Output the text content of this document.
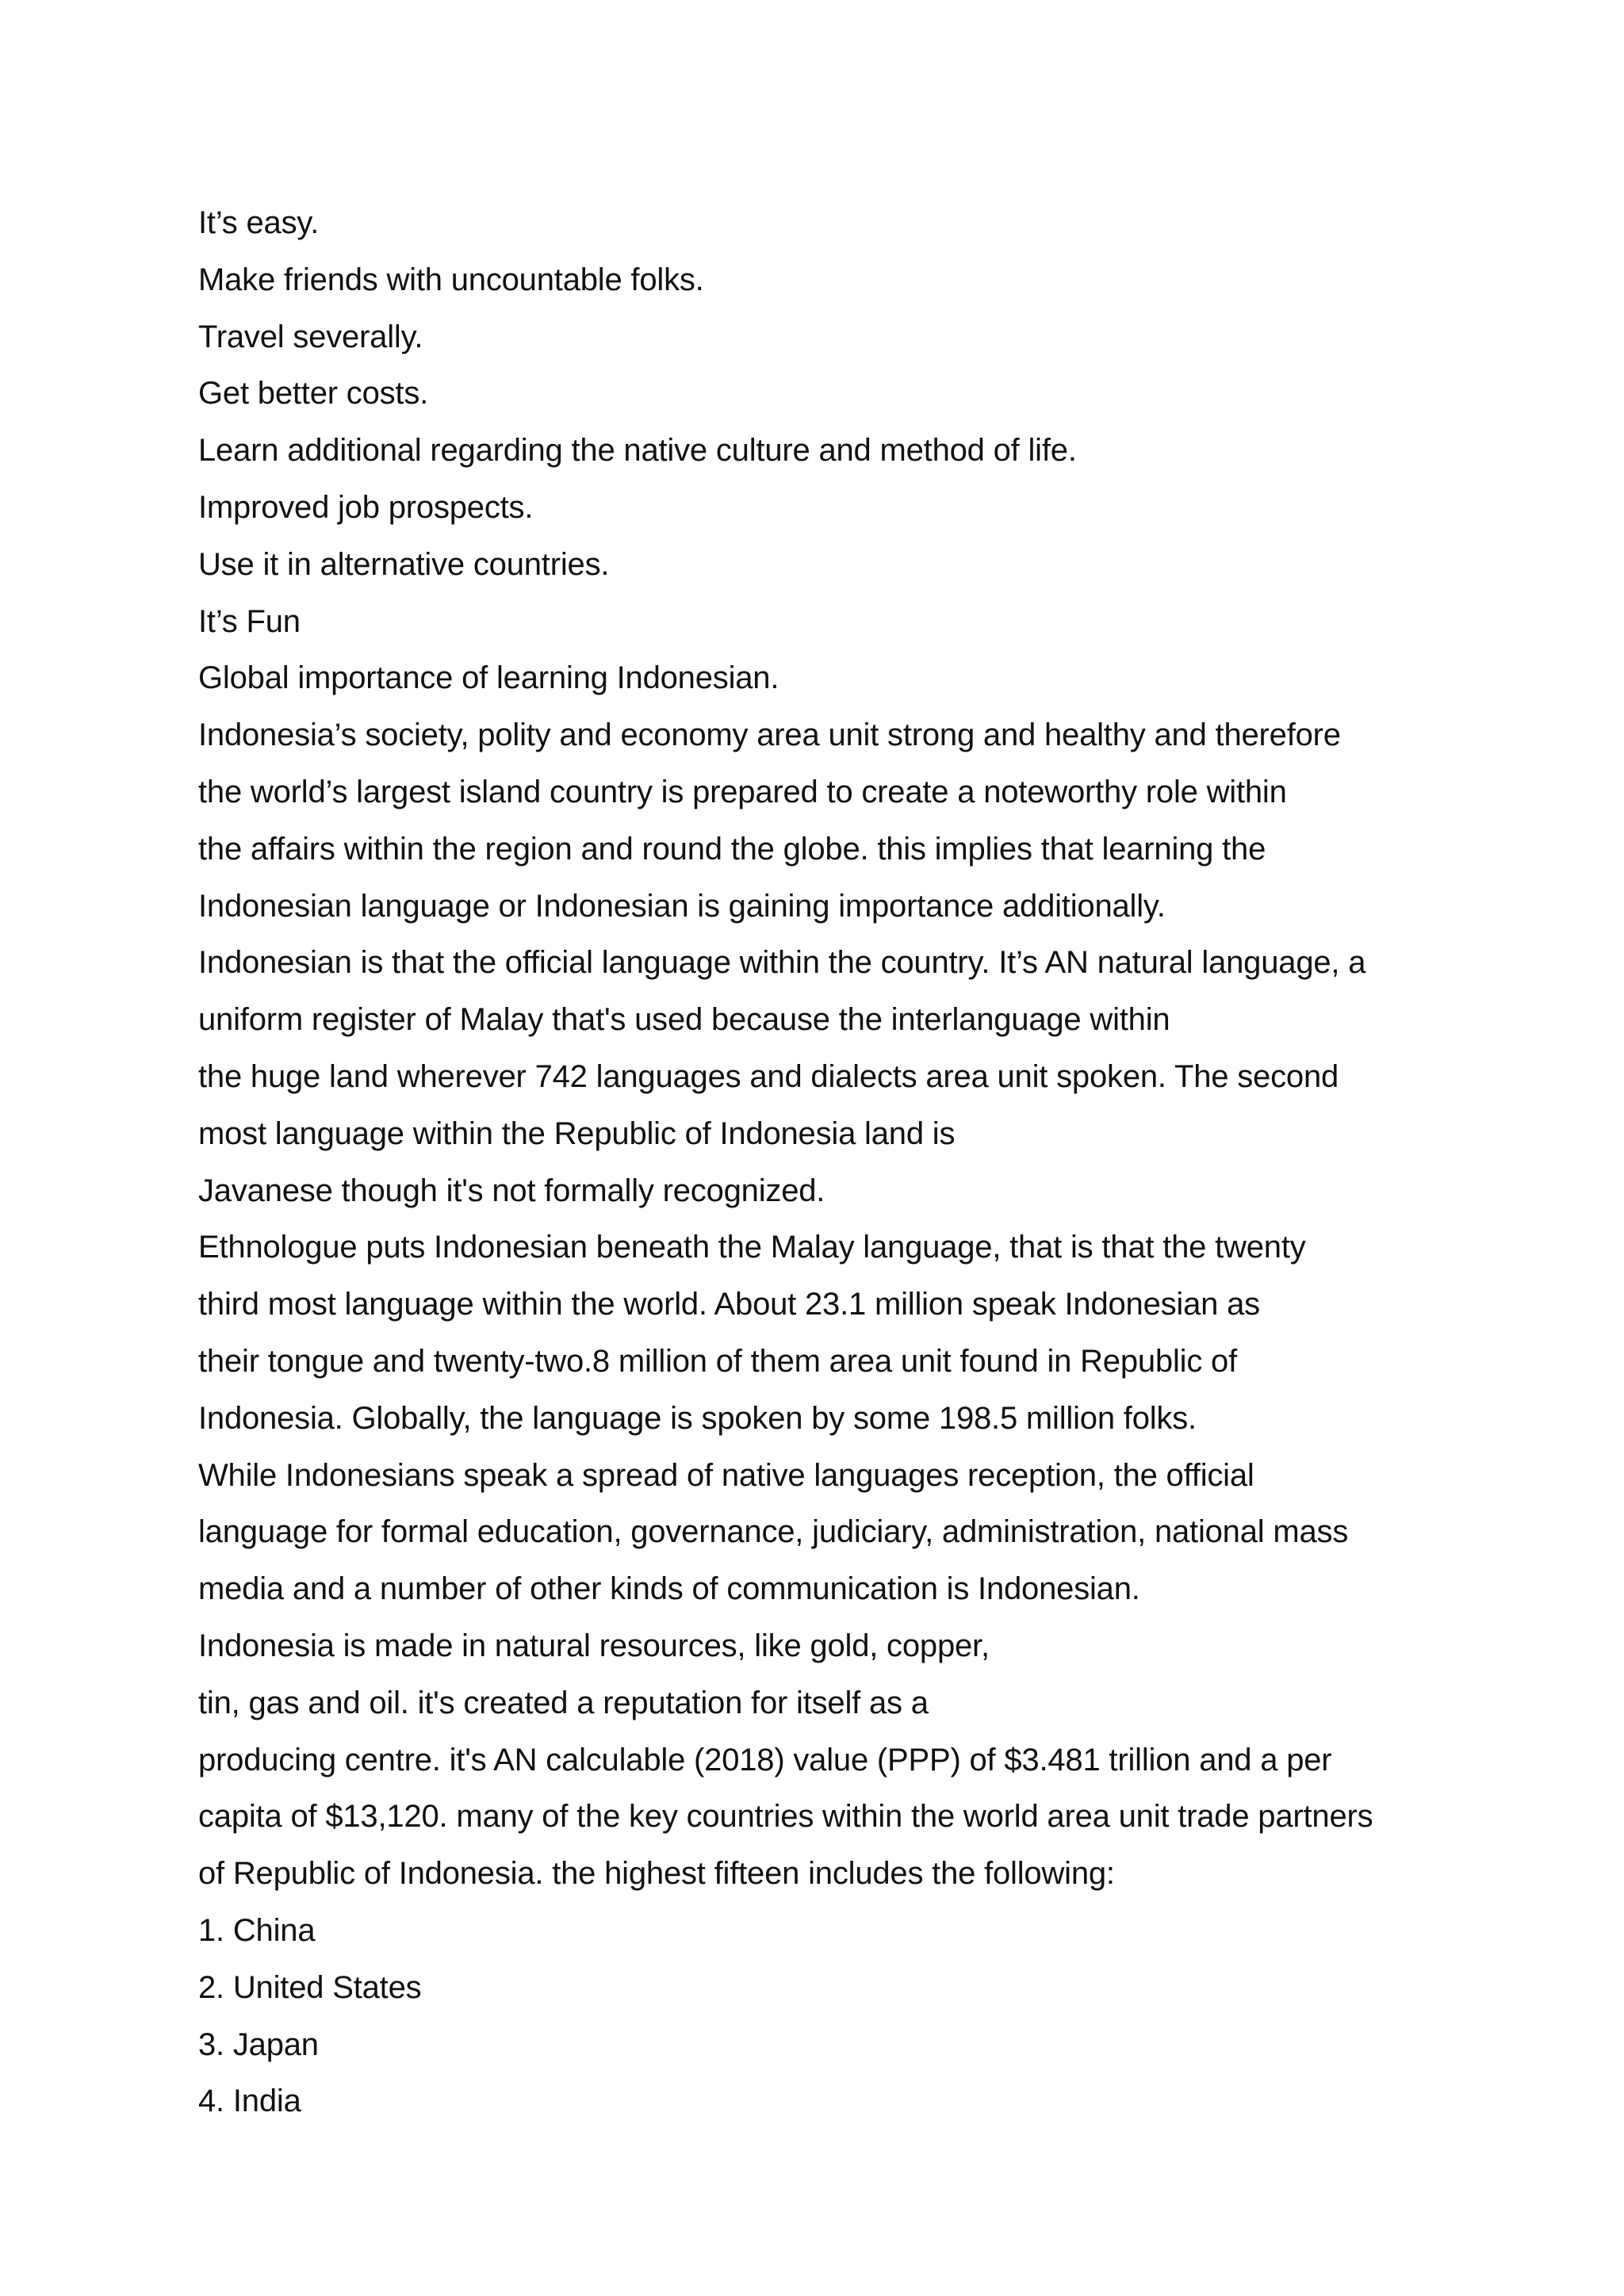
It’s easy.
Make friends with uncountable folks.
Travel severally.
Get better costs.
Learn additional regarding the native culture and method of life.
Improved job prospects.
Use it in alternative countries.
It’s Fun
Global importance of learning Indonesian.
Indonesia’s society, polity and economy area unit strong and healthy and therefore
the world’s largest island country is prepared to create a noteworthy role within
the affairs within the region and round the globe. this implies that learning the
Indonesian language or Indonesian is gaining importance additionally.
Indonesian is that the official language within the country. It’s AN natural language, a
uniform register of Malay that's used because the interlanguage within
the huge land wherever 742 languages and dialects area unit spoken. The second
most language within the Republic of Indonesia land is
Javanese though it's not formally recognized.
Ethnologue puts Indonesian beneath the Malay language, that is that the twenty
third most language within the world. About 23.1 million speak Indonesian as
their tongue and twenty-two.8 million of them area unit found in Republic of
Indonesia. Globally, the language is spoken by some 198.5 million folks.
While Indonesians speak a spread of native languages reception, the official
language for formal education, governance, judiciary, administration, national mass
media and a number of other kinds of communication is Indonesian.
Indonesia is made in natural resources, like gold, copper,
tin, gas and oil. it's created a reputation for itself as a
producing centre. it's AN calculable (2018) value (PPP) of $3.481 trillion and a per
capita of $13,120. many of the key countries within the world area unit trade partners
of Republic of Indonesia. the highest fifteen includes the following:
1. China
2. United States
3. Japan
4. India
